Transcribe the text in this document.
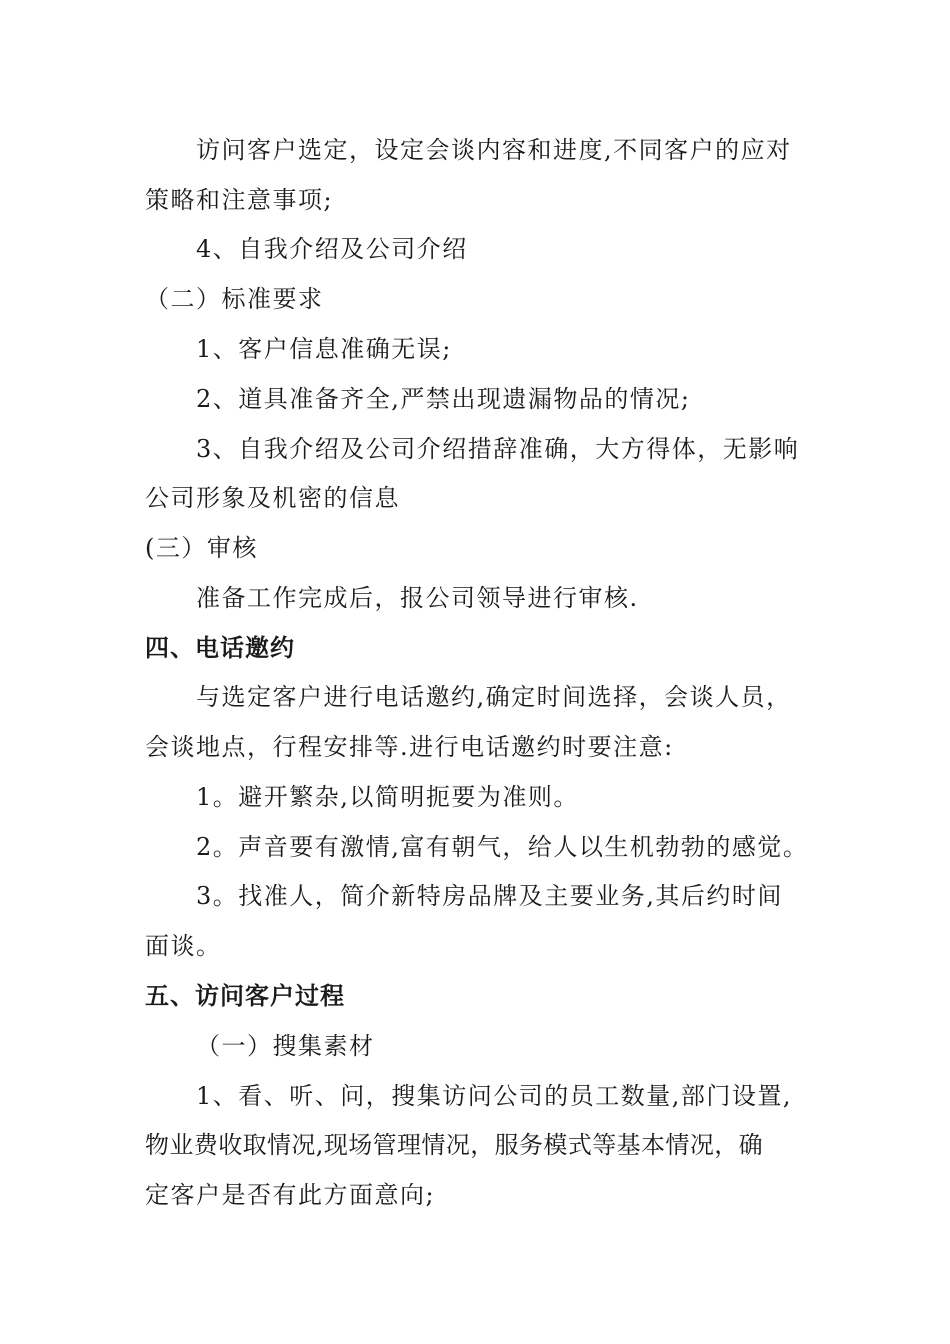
访问客户选定，设定会谈内容和进度,不同客户的应对

策略和注意事项;

4、自我介绍及公司介绍

（二）标准要求

1、客户信息准确无误;

2、道具准备齐全,严禁出现遗漏物品的情况;

3、自我介绍及公司介绍措辞准确，大方得体，无影响

公司形象及机密的信息

(三）审核

准备工作完成后，报公司领导进行审核.

四、电话邀约

与选定客户进行电话邀约,确定时间选择，会谈人员，

会谈地点，行程安排等.进行电话邀约时要注意:

1。避开繁杂,以简明扼要为准则。

2。声音要有激情,富有朝气，给人以生机勃勃的感觉。

3。找准人，简介新特房品牌及主要业务,其后约时间

面谈。

五、访问客户过程

（一）搜集素材

1、看、听、问，搜集访问公司的员工数量,部门设置,

物业费收取情况,现场管理情况，服务模式等基本情况，确

定客户是否有此方面意向;
